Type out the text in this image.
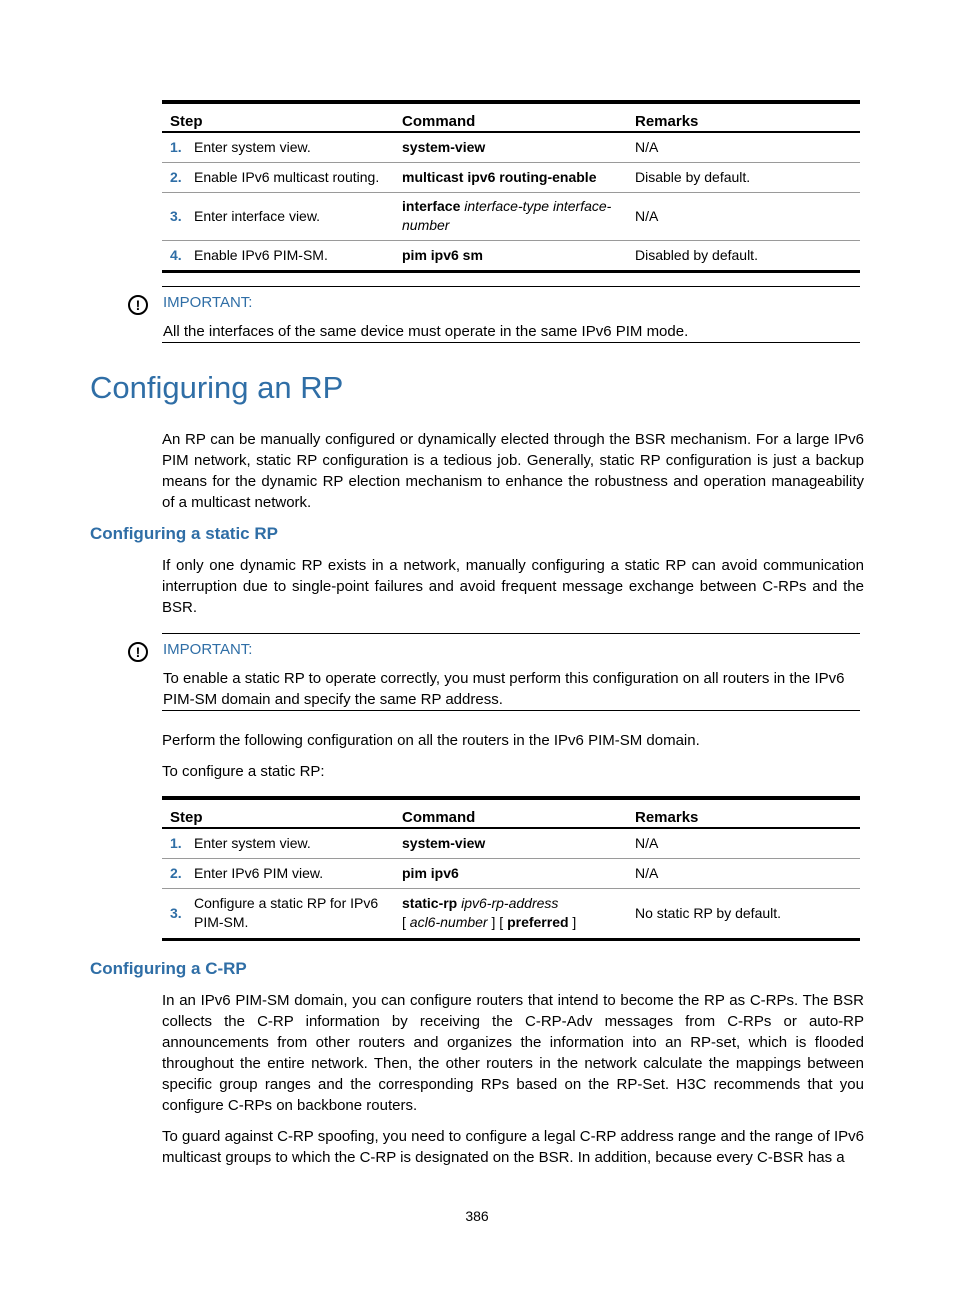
Step		Command	Remarks
1.	Enter system view.	system-view	N/A
2.	Enable IPv6 multicast routing.	multicast ipv6 routing-enable	Disable by default.
3.	Enter interface view.	interface interface-type interface-number	N/A
4.	Enable IPv6 PIM-SM.	pim ipv6 sm	Disabled by default.
!	IMPORTANT:
All the interfaces of the same device must operate in the same IPv6 PIM mode.
Configuring an RP

An RP can be manually configured or dynamically elected through the BSR mechanism. For a large IPv6 PIM network, static RP configuration is a tedious job. Generally, static RP configuration is just a backup means for the dynamic RP election mechanism to enhance the robustness and operation manageability of a multicast network.

Configuring a static RP

If only one dynamic RP exists in a network, manually configuring a static RP can avoid communication interruption due to single-point failures and avoid frequent message exchange between C-RPs and the BSR.

!	IMPORTANT:
To enable a static RP to operate correctly, you must perform this configuration on all routers in the IPv6 PIM-SM domain and specify the same RP address.

Perform the following configuration on all the routers in the IPv6 PIM-SM domain.

To configure a static RP:

Step		Command	Remarks
1.	Enter system view.	system-view	N/A
2.	Enter IPv6 PIM view.	pim ipv6	N/A
3.	Configure a static RP for IPv6 PIM-SM.	static-rp ipv6-rp-address
[ acl6-number ] [ preferred ]	No static RP by default.
Configuring a C-RP

In an IPv6 PIM-SM domain, you can configure routers that intend to become the RP as C-RPs. The BSR collects the C-RP information by receiving the C-RP-Adv messages from C-RPs or auto-RP announcements from other routers and organizes the information into an RP-set, which is flooded throughout the entire network. Then, the other routers in the network calculate the mappings between specific group ranges and the corresponding RPs based on the RP-Set. H3C recommends that you configure C-RPs on backbone routers.

To guard against C-RP spoofing, you need to configure a legal C-RP address range and the range of IPv6 multicast groups to which the C-RP is designated on the BSR. In addition, because every C-BSR has a

386
